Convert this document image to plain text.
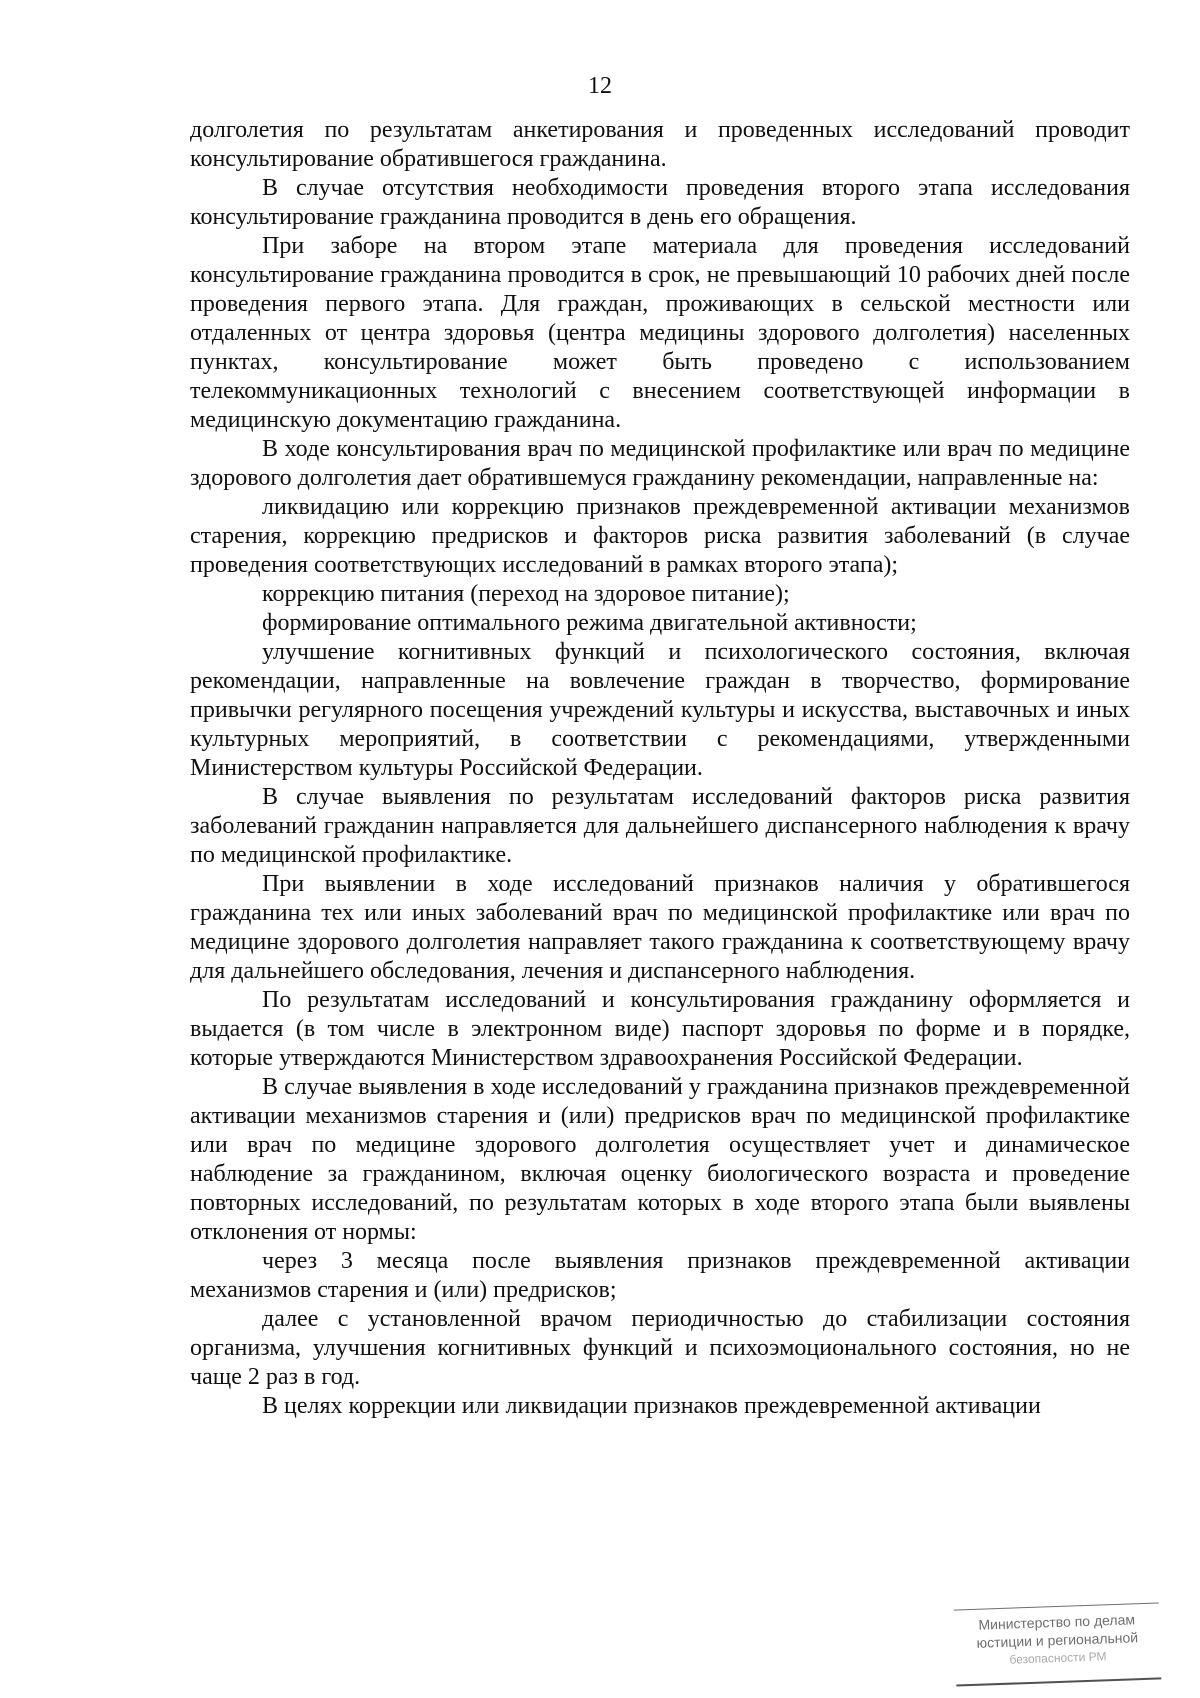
12

долголетия по результатам анкетирования и проведенных исследований проводит консультирование обратившегося гражданина.

В случае отсутствия необходимости проведения второго этапа исследования консультирование гражданина проводится в день его обращения.

При заборе на втором этапе материала для проведения исследований консультирование гражданина проводится в срок, не превышающий 10 рабочих дней после проведения первого этапа. Для граждан, проживающих в сельской местности или отдаленных от центра здоровья (центра медицины здорового долголетия) населенных пунктах, консультирование может быть проведено с использованием телекоммуникационных технологий с внесением соответствующей информации в медицинскую документацию гражданина.

В ходе консультирования врач по медицинской профилактике или врач по медицине здорового долголетия дает обратившемуся гражданину рекомендации, направленные на:

ликвидацию или коррекцию признаков преждевременной активации механизмов старения, коррекцию предрисков и факторов риска развития заболеваний (в случае проведения соответствующих исследований в рамках второго этапа);

коррекцию питания (переход на здоровое питание);

формирование оптимального режима двигательной активности;

улучшение когнитивных функций и психологического состояния, включая рекомендации, направленные на вовлечение граждан в творчество, формирование привычки регулярного посещения учреждений культуры и искусства, выставочных и иных культурных мероприятий, в соответствии с рекомендациями, утвержденными Министерством культуры Российской Федерации.

В случае выявления по результатам исследований факторов риска развития заболеваний гражданин направляется для дальнейшего диспансерного наблюдения к врачу по медицинской профилактике.

При выявлении в ходе исследований признаков наличия у обратившегося гражданина тех или иных заболеваний врач по медицинской профилактике или врач по медицине здорового долголетия направляет такого гражданина к соответствующему врачу для дальнейшего обследования, лечения и диспансерного наблюдения.

По результатам исследований и консультирования гражданину оформляется и выдается (в том числе в электронном виде) паспорт здоровья по форме и в порядке, которые утверждаются Министерством здравоохранения Российской Федерации.

В случае выявления в ходе исследований у гражданина признаков преждевременной активации механизмов старения и (или) предрисков врач по медицинской профилактике или врач по медицине здорового долголетия осуществляет учет и динамическое наблюдение за гражданином, включая оценку биологического возраста и проведение повторных исследований, по результатам которых в ходе второго этапа были выявлены отклонения от нормы:

через 3 месяца после выявления признаков преждевременной активации механизмов старения и (или) предрисков;

далее с установленной врачом периодичностью до стабилизации состояния организма, улучшения когнитивных функций и психоэмоционального состояния, но не чаще 2 раз в год.

В целях коррекции или ликвидации признаков преждевременной активации

Министерство по делам
юстиции и региональной
безопасности РМ
